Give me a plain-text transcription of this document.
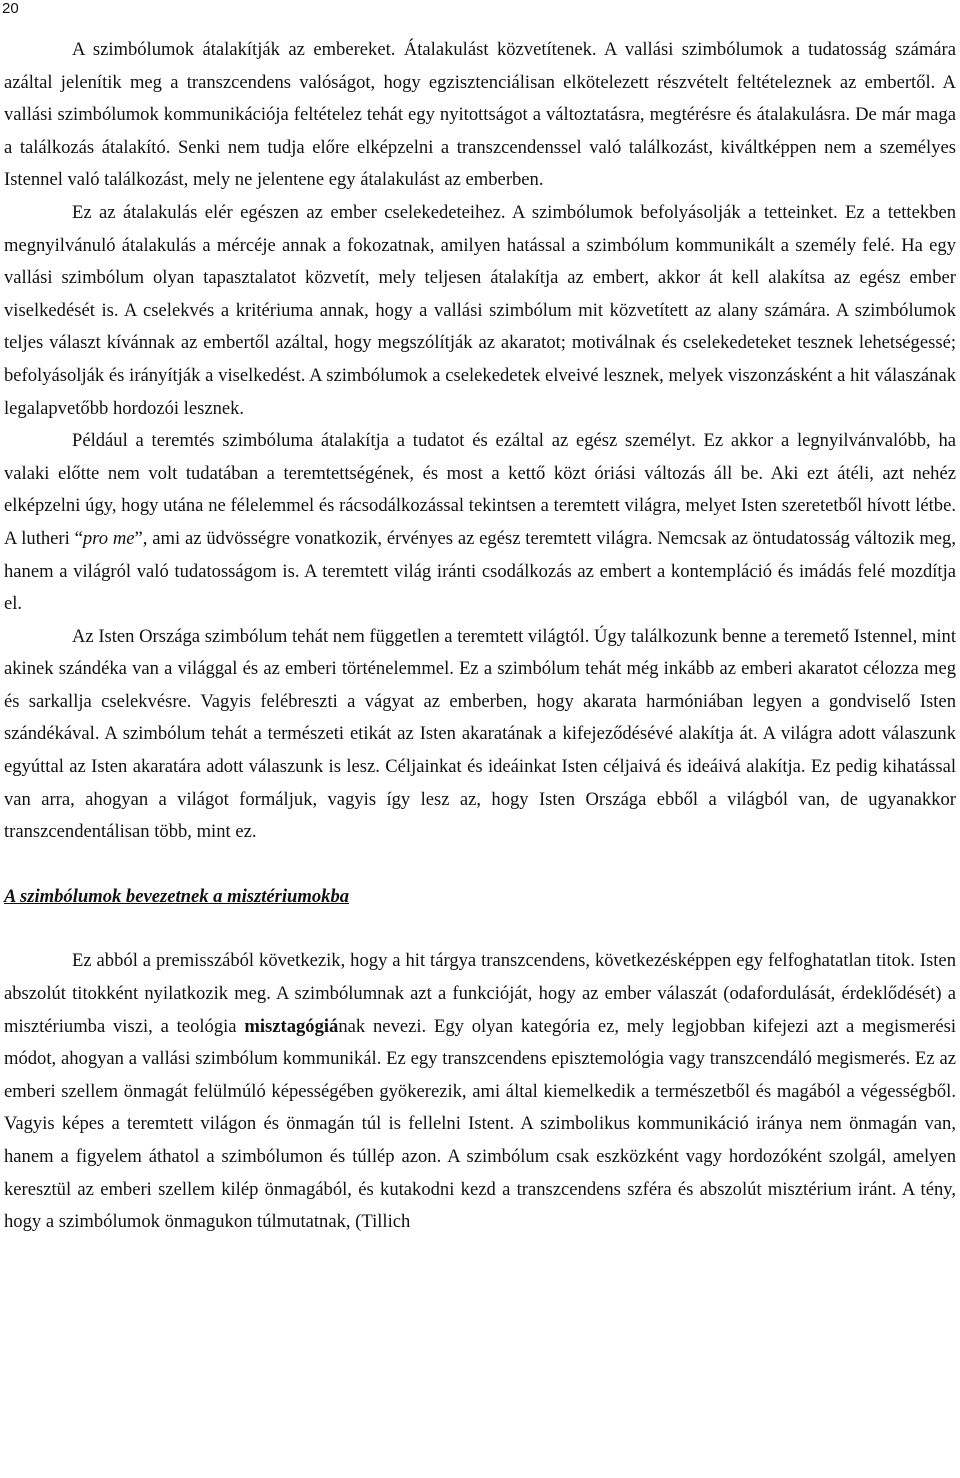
20

A szimbólumok átalakítják az embereket. Átalakulást közvetítenek. A vallási szimbólumok a tudatosság számára azáltal jelenítik meg a transzcendens valóságot, hogy egzisztenciálisan elkötelezett részvételt feltételeznek az embertől. A vallási szimbólumok kommunikációja feltételez tehát egy nyitottságot a változtatásra, megtérésre és átalakulásra. De már maga a találkozás átalakító. Senki nem tudja előre elképzelni a transzcendenssel való találkozást, kiváltképpen nem a személyes Istennel való találkozást, mely ne jelentene egy átalakulást az emberben.

Ez az átalakulás elér egészen az ember cselekedeteihez. A szimbólumok befolyásolják a tetteinket. Ez a tettekben megnyilvánuló átalakulás a mércéje annak a fokozatnak, amilyen hatással a szimbólum kommunikált a személy felé. Ha egy vallási szimbólum olyan tapasztalatot közvetít, mely teljesen átalakítja az embert, akkor át kell alakítsa az egész ember viselkedését is. A cselekvés a kritériuma annak, hogy a vallási szimbólum mit közvetített az alany számára. A szimbólumok teljes választ kívánnak az embertől azáltal, hogy megszólítják az akaratot; motiválnak és cselekedeteket tesznek lehetségessé; befolyásolják és irányítják a viselkedést. A szimbólumok a cselekedetek elveivé lesznek, melyek viszonzásként a hit válaszának legalapvetőbb hordozói lesznek.

Például a teremtés szimbóluma átalakítja a tudatot és ezáltal az egész személyt. Ez akkor a legnyilvánvalóbb, ha valaki előtte nem volt tudatában a teremtettségének, és most a kettő közt óriási változás áll be. Aki ezt átéli, azt nehéz elképzelni úgy, hogy utána ne félelemmel és rácsodálkozással tekintsen a teremtett világra, melyet Isten szeretetből hívott létbe. A lutheri “pro me”, ami az üdvösségre vonatkozik, érvényes az egész teremtett világra. Nemcsak az öntudatosság változik meg, hanem a világról való tudatosságom is. A teremtett világ iránti csodálkozás az embert a kontempláció és imádás felé mozdítja el.

Az Isten Országa szimbólum tehát nem független a teremtett világtól. Úgy találkozunk benne a teremető Istennel, mint akinek szándéka van a világgal és az emberi történelemmel. Ez a szimbólum tehát még inkább az emberi akaratot célozza meg és sarkallja cselekvésre. Vagyis felébreszti a vágyat az emberben, hogy akarata harmóniában legyen a gondviselő Isten szándékával. A szimbólum tehát a természeti etikát az Isten akaratának a kifejeződésévé alakítja át. A világra adott válaszunk egyúttal az Isten akaratára adott válaszunk is lesz. Céljainkat és ideáinkat Isten céljaivá és ideáivá alakítja. Ez pedig kihatással van arra, ahogyan a világot formáljuk, vagyis így lesz az, hogy Isten Országa ebből a világból van, de ugyanakkor transzcendentálisan több, mint ez.

A szimbólumok bevezetnek a misztériumokba

Ez abból a premisszából következik, hogy a hit tárgya transzcendens, következésképpen egy felfoghatatlan titok. Isten abszolút titokként nyilatkozik meg. A szimbólumnak azt a funkcióját, hogy az ember válaszát (odafordulását, érdeklődését) a misztériumba viszi, a teológia misztagógiának nevezi. Egy olyan kategória ez, mely legjobban kifejezi azt a megismerési módot, ahogyan a vallási szimbólum kommunikál. Ez egy transzcendens episztemológia vagy transzcendáló megismerés. Ez az emberi szellem önmagát felülmúló képességében gyökerezik, ami által kiemelkedik a természetből és magából a végességből. Vagyis képes a teremtett világon és önmagán túl is fellelni Istent. A szimbolikus kommunikáció iránya nem önmagán van, hanem a figyelem áthatol a szimbólumon és túllép azon. A szimbólum csak eszközként vagy hordozóként szolgál, amelyen keresztül az emberi szellem kilép önmagából, és kutakodni kezd a transzcendens szféra és abszolút misztérium iránt. A tény, hogy a szimbólumok önmagukon túlmutatnak, (Tillich
